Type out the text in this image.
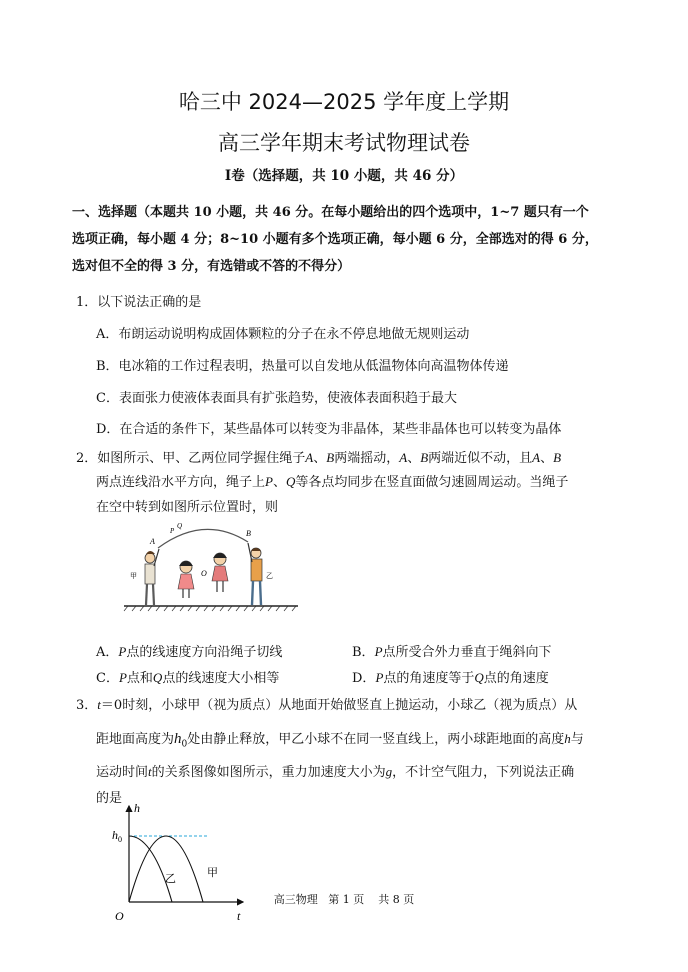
哈三中 2024—2025 学年度上学期
高三学年期末考试物理试卷
Ⅰ卷（选择题，共 10 小题，共 46 分）
一、选择题（本题共 10 小题，共 46 分。在每小题给出的四个选项中，1~7 题只有一个
选项正确，每小题 4 分；8~10 小题有多个选项正确，每小题 6 分，全部选对的得 6 分，
选对但不全的得 3 分，有选错或不答的不得分）
1．以下说法正确的是
A．布朗运动说明构成固体颗粒的分子在永不停息地做无规则运动
B．电冰箱的工作过程表明，热量可以自发地从低温物体向高温物体传递
C．表面张力使液体表面具有扩张趋势，使液体表面积趋于最大
D．在合适的条件下，某些晶体可以转变为非晶体，某些非晶体也可以转变为晶体
2．如图所示、甲、乙两位同学握住绳子A、B两端摇动，A、B两端近似不动，且A、B
两点连线沿水平方向，绳子上P、Q等各点均同步在竖直面做匀速圆周运动。当绳子
在空中转到如图所示位置时，则
A
P
Q
B
O
甲	乙
A．P点的线速度方向沿绳子切线	B．P点所受合外力垂直于绳斜向下
C．P点和Q点的线速度大小相等	D．P点的角速度等于Q点的角速度
3．t＝0时刻，小球甲（视为质点）从地面开始做竖直上抛运动，小球乙（视为质点）从
距地面高度为$h_0$处由静止释放，甲乙小球不在同一竖直线上，两小球距地面的高度h与
运动时间t的关系图像如图所示，重力加速度大小为g，不计空气阻力，下列说法正确
的是
h
t
O
$h_0$
乙	甲
高三物理 第 1 页 共 8 页
